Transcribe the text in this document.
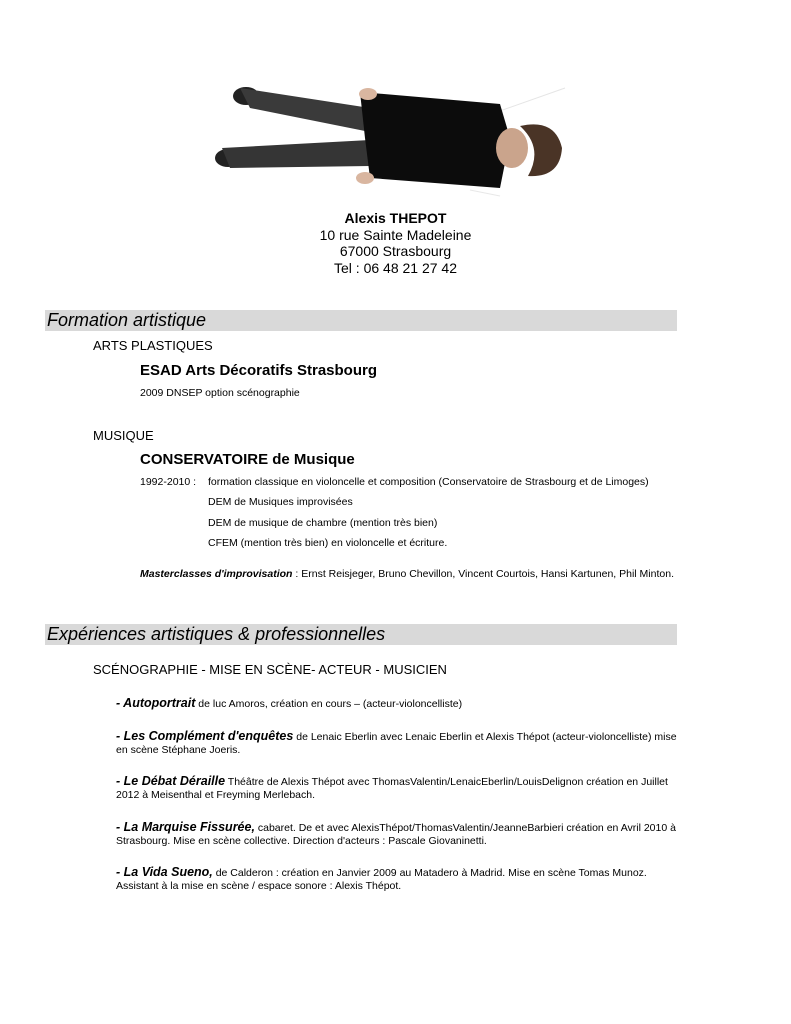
Alexis THEPOT
10 rue Sainte Madeleine
67000 Strasbourg
Tel : 06 48 21 27 42
Formation artistique
ARTS PLASTIQUES
ESAD Arts Décoratifs Strasbourg
2009 DNSEP option scénographie
MUSIQUE
CONSERVATOIRE de Musique
1992-2010 : formation classique en violoncelle et composition (Conservatoire de Strasbourg et de Limoges)
DEM de Musiques improvisées
DEM de musique de chambre (mention très bien)
CFEM (mention très bien) en violoncelle et écriture.
Masterclasses d'improvisation : Ernst Reisjeger, Bruno Chevillon, Vincent Courtois, Hansi Kartunen, Phil Minton.
Expériences artistiques & professionnelles
SCÉNOGRAPHIE - MISE EN SCÈNE- ACTEUR - MUSICIEN
- Autoportrait de luc Amoros, création en cours – (acteur-violoncelliste)
- Les Complément d'enquêtes de Lenaic Eberlin avec Lenaic Eberlin et Alexis Thépot (acteur-violoncelliste) mise en scène Stéphane Joeris.
- Le Débat Déraille Théâtre de Alexis Thépot avec ThomasValentin/LenaicEberlin/LouisDelignon création en Juillet 2012 à Meisenthal et Freyming Merlebach.
- La Marquise Fissurée, cabaret. De et avec AlexisThépot/ThomasValentin/JeanneBarbieri création en Avril 2010 à Strasbourg. Mise en scène collective. Direction d'acteurs : Pascale Giovaninetti.
- La Vida Sueno, de Calderon : création en Janvier 2009 au Matadero à Madrid. Mise en scène Tomas Munoz. Assistant à la mise en scène / espace sonore : Alexis Thépot.
